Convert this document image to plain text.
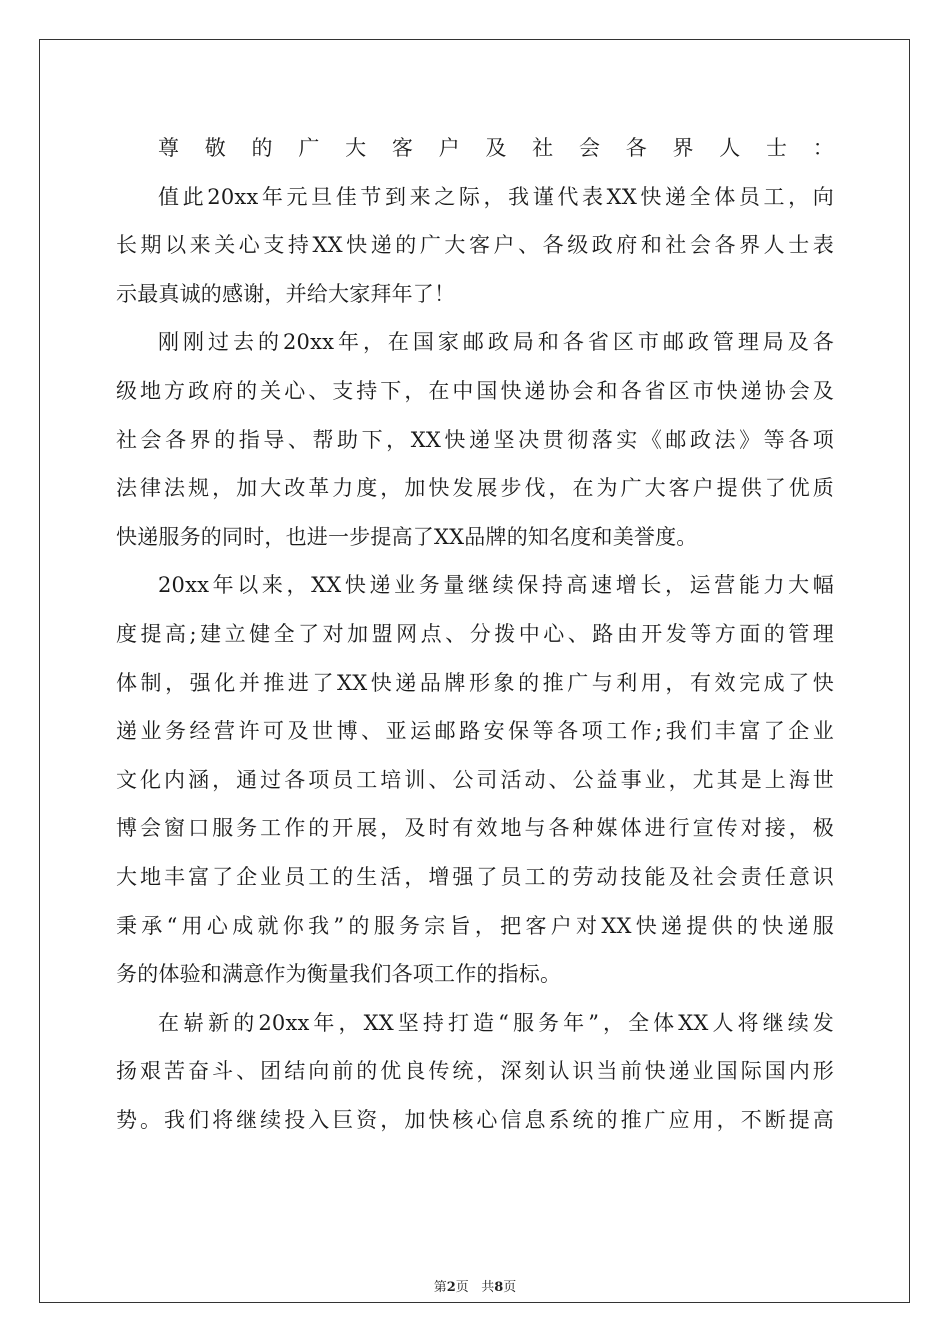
尊敬的广大客户及社会各界人士：
值此20xx年元旦佳节到来之际，我谨代表XX快递全体员工，向
长期以来关心支持XX快递的广大客户、各级政府和社会各界人士表
示最真诚的感谢，并给大家拜年了！
刚刚过去的20xx年，在国家邮政局和各省区市邮政管理局及各
级地方政府的关心、支持下，在中国快递协会和各省区市快递协会及
社会各界的指导、帮助下，XX快递坚决贯彻落实《邮政法》等各项
法律法规，加大改革力度，加快发展步伐，在为广大客户提供了优质
快递服务的同时，也进一步提高了XX品牌的知名度和美誉度。
20xx年以来，XX快递业务量继续保持高速增长，运营能力大幅
度提高;建立健全了对加盟网点、分拨中心、路由开发等方面的管理
体制，强化并推进了XX快递品牌形象的推广与利用，有效完成了快
递业务经营许可及世博、亚运邮路安保等各项工作;我们丰富了企业
文化内涵，通过各项员工培训、公司活动、公益事业，尤其是上海世
博会窗口服务工作的开展，及时有效地与各种媒体进行宣传对接，极
大地丰富了企业员工的生活，增强了员工的劳动技能及社会责任意识
秉承“用心成就你我”的服务宗旨，把客户对XX快递提供的快递服
务的体验和满意作为衡量我们各项工作的指标。
在崭新的20xx年，XX坚持打造“服务年”，全体XX人将继续发
扬艰苦奋斗、团结向前的优良传统，深刻认识当前快递业国际国内形
势。我们将继续投入巨资，加快核心信息系统的推广应用，不断提高
第2页 共8页
